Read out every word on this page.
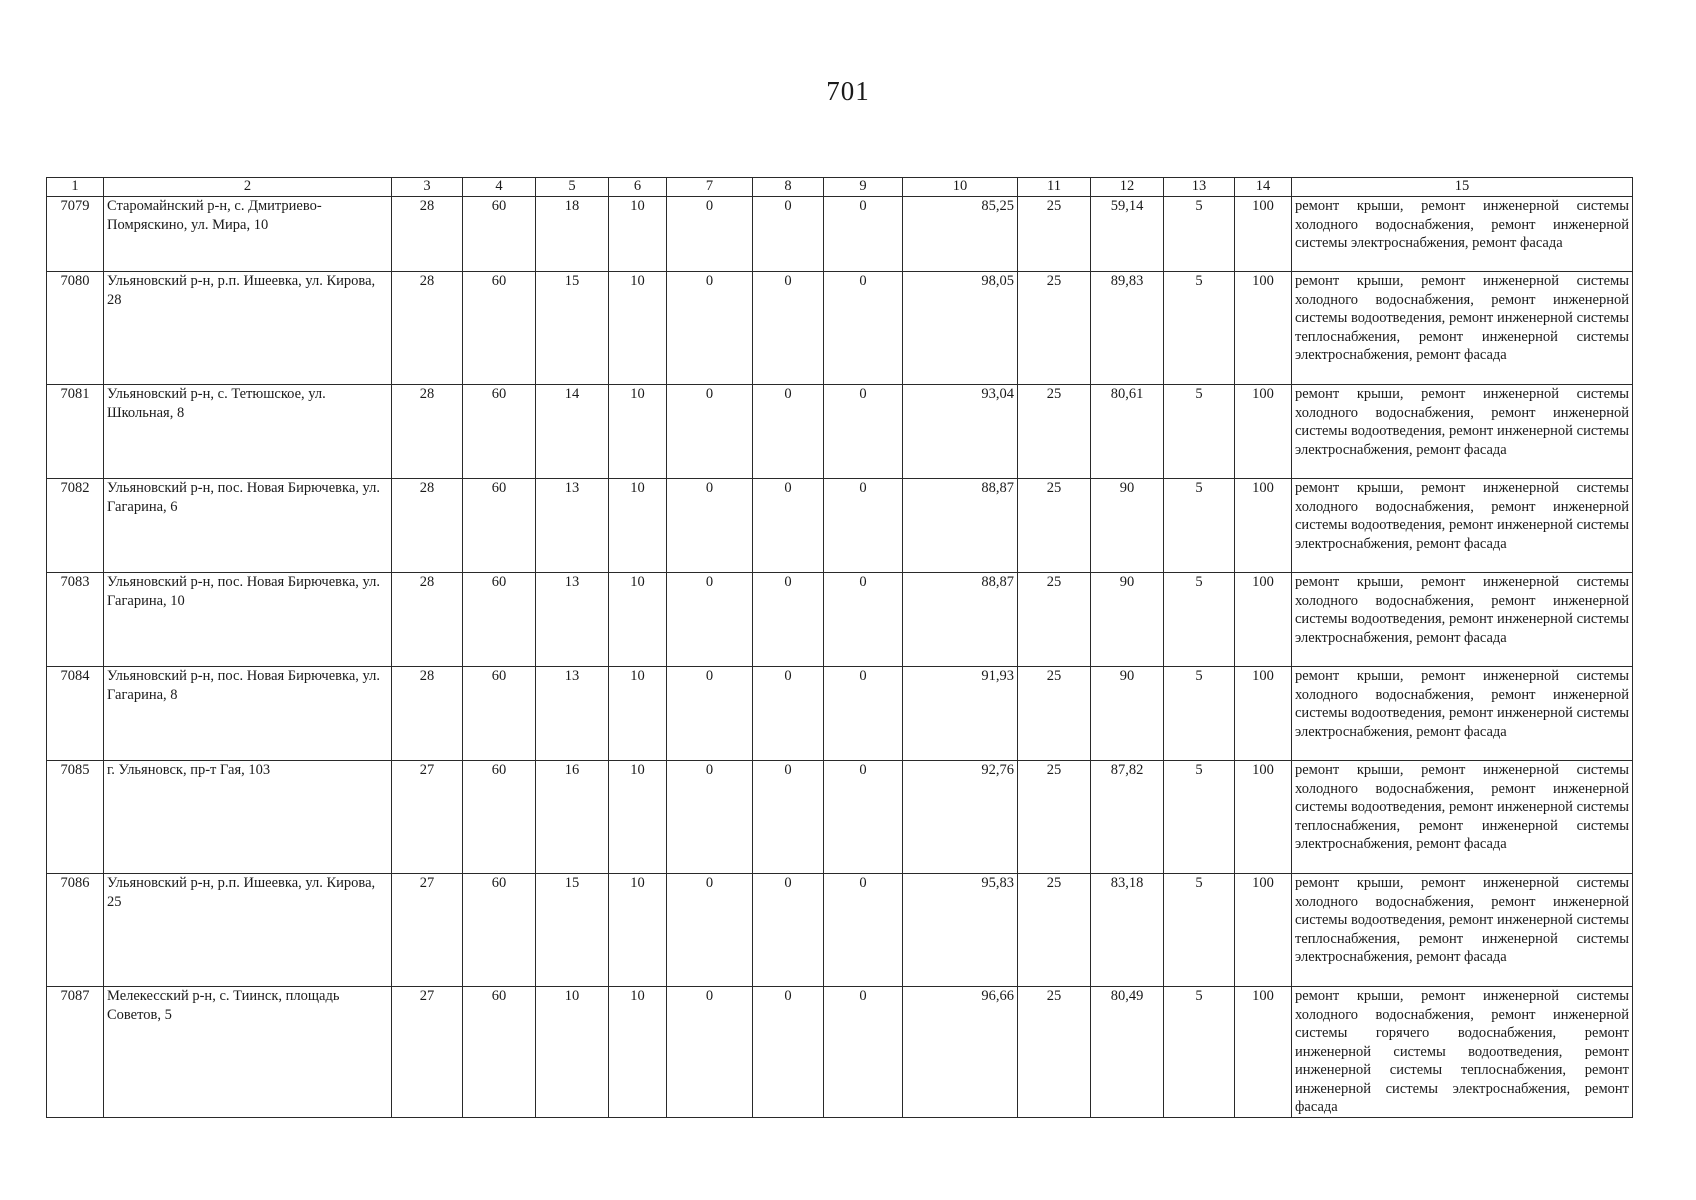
701
1	2	3	4	5	6	7	8	9	10	11	12	13	14	15
7079	Старомайнский р-н, с. Дмитриево-Помряскино, ул. Мира, 10	28	60	18	10	0	0	0	85,25	25	59,14	5	100	ремонт крыши, ремонт инженерной системы холодного водоснабжения, ремонт инженерной системы электроснабжения, ремонт фасада
7080	Ульяновский р-н, р.п. Ишеевка, ул. Кирова, 28	28	60	15	10	0	0	0	98,05	25	89,83	5	100	ремонт крыши, ремонт инженерной системы холодного водоснабжения, ремонт инженерной системы водоотведения, ремонт инженерной системы теплоснабжения, ремонт инженерной системы электроснабжения, ремонт фасада
7081	Ульяновский р-н, с. Тетюшское, ул. Школьная, 8	28	60	14	10	0	0	0	93,04	25	80,61	5	100	ремонт крыши, ремонт инженерной системы холодного водоснабжения, ремонт инженерной системы водоотведения, ремонт инженерной системы электроснабжения, ремонт фасада
7082	Ульяновский р-н, пос. Новая Бирючевка, ул. Гагарина, 6	28	60	13	10	0	0	0	88,87	25	90	5	100	ремонт крыши, ремонт инженерной системы холодного водоснабжения, ремонт инженерной системы водоотведения, ремонт инженерной системы электроснабжения, ремонт фасада
7083	Ульяновский р-н, пос. Новая Бирючевка, ул. Гагарина, 10	28	60	13	10	0	0	0	88,87	25	90	5	100	ремонт крыши, ремонт инженерной системы холодного водоснабжения, ремонт инженерной системы водоотведения, ремонт инженерной системы электроснабжения, ремонт фасада
7084	Ульяновский р-н, пос. Новая Бирючевка, ул. Гагарина, 8	28	60	13	10	0	0	0	91,93	25	90	5	100	ремонт крыши, ремонт инженерной системы холодного водоснабжения, ремонт инженерной системы водоотведения, ремонт инженерной системы электроснабжения, ремонт фасада
7085	г. Ульяновск, пр-т Гая, 103	27	60	16	10	0	0	0	92,76	25	87,82	5	100	ремонт крыши, ремонт инженерной системы холодного водоснабжения, ремонт инженерной системы водоотведения, ремонт инженерной системы теплоснабжения, ремонт инженерной системы электроснабжения, ремонт фасада
7086	Ульяновский р-н, р.п. Ишеевка, ул. Кирова, 25	27	60	15	10	0	0	0	95,83	25	83,18	5	100	ремонт крыши, ремонт инженерной системы холодного водоснабжения, ремонт инженерной системы водоотведения, ремонт инженерной системы теплоснабжения, ремонт инженерной системы электроснабжения, ремонт фасада
7087	Мелекесский р-н, с. Тиинск, площадь Советов, 5	27	60	10	10	0	0	0	96,66	25	80,49	5	100	ремонт крыши, ремонт инженерной системы холодного водоснабжения, ремонт инженерной системы горячего водоснабжения, ремонт инженерной системы водоотведения, ремонт инженерной системы теплоснабжения, ремонт инженерной системы электроснабжения, ремонт фасада
